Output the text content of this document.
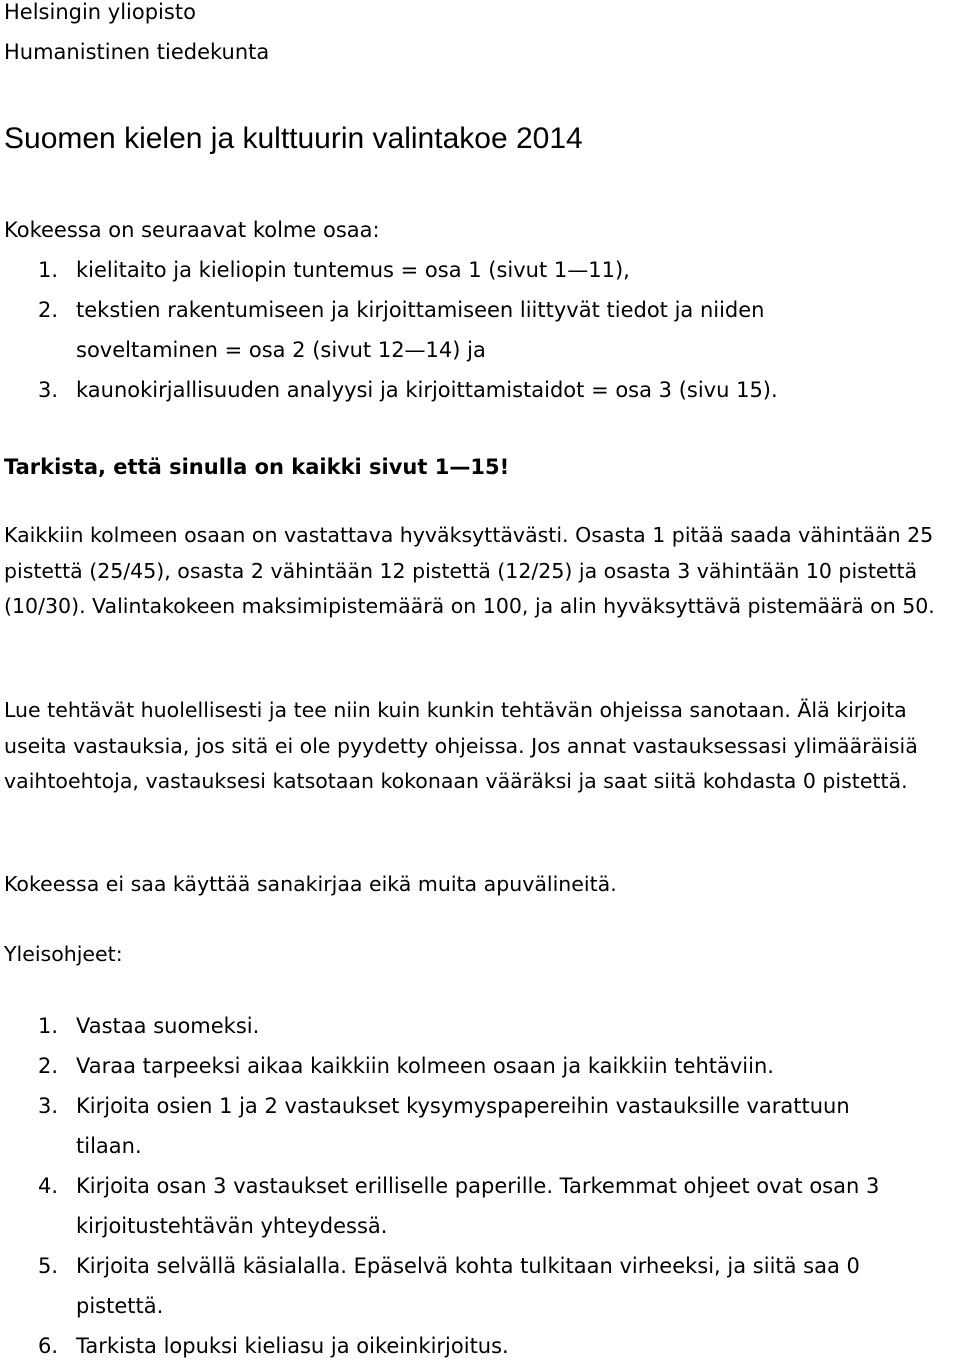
Helsingin yliopisto
Humanistinen tiedekunta
Suomen kielen ja kulttuurin valintakoe 2014
Kokeessa on seuraavat kolme osaa:
1. kielitaito ja kieliopin tuntemus = osa 1 (sivut 1—11),
2. tekstien rakentumiseen ja kirjoittamiseen liittyvät tiedot ja niiden soveltaminen = osa 2 (sivut 12—14) ja
3. kaunokirjallisuuden analyysi ja kirjoittamistaidot = osa 3 (sivu 15).
Tarkista, että sinulla on kaikki sivut 1—15!
Kaikkiin kolmeen osaan on vastattava hyväksyttävästi. Osasta 1 pitää saada vähintään 25 pistettä (25/45), osasta 2 vähintään 12 pistettä (12/25) ja osasta 3 vähintään 10 pistettä (10/30). Valintakokeen maksimipistemäärä on 100, ja alin hyväksyttävä pistemäärä on 50.
Lue tehtävät huolellisesti ja tee niin kuin kunkin tehtävän ohjeissa sanotaan. Älä kirjoita useita vastauksia, jos sitä ei ole pyydetty ohjeissa. Jos annat vastauksessasi ylimääräisiä vaihtoehtoja, vastauksesi katsotaan kokonaan vääräksi ja saat siitä kohdasta 0 pistettä.
Kokeessa ei saa käyttää sanakirjaa eikä muita apuvälineitä.
Yleisohjeet:
1. Vastaa suomeksi.
2. Varaa tarpeeksi aikaa kaikkiin kolmeen osaan ja kaikkiin tehtäviin.
3. Kirjoita osien 1 ja 2 vastaukset kysymyspapereihin vastauksille varattuun tilaan.
4. Kirjoita osan 3 vastaukset erilliselle paperille. Tarkemmat ohjeet ovat osan 3 kirjoitustehtävän yhteydessä.
5. Kirjoita selvällä käsialalla. Epäselvä kohta tulkitaan virheeksi, ja siitä saa 0 pistettä.
6. Tarkista lopuksi kieliasu ja oikeinkirjoitus.
